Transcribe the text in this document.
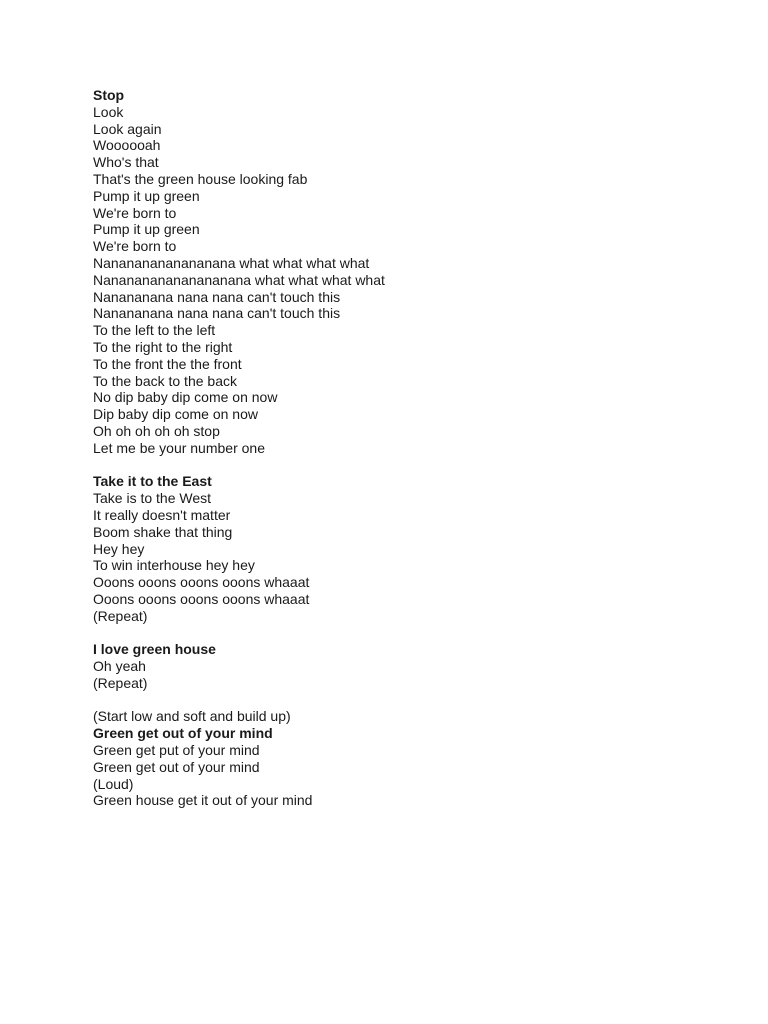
Stop
Look
Look again
Woooooah
Who's that
That's the green house looking fab
Pump it up green
We're born to
Pump it up green
We're born to
Nanananananananana what what what what
Nananananananananana what what what what
Nanananana nana nana can't touch this
Nanananana nana nana can't touch this
To the left to the left
To the right to the right
To the front the the front
To the back to the back
No dip baby dip come on now
Dip baby dip come on now
Oh oh oh oh oh stop
Let me be your number one
Take it to the East
Take is to the West
It really doesn't matter
Boom shake that thing
Hey hey
To win interhouse hey hey
Ooons ooons ooons ooons whaaat
Ooons ooons ooons ooons whaaat
(Repeat)
I love green house
Oh yeah
(Repeat)
(Start low and soft and build up)
Green get out of your mind
Green get put of your mind
Green get out of your mind
(Loud)
Green house get it out of your mind
